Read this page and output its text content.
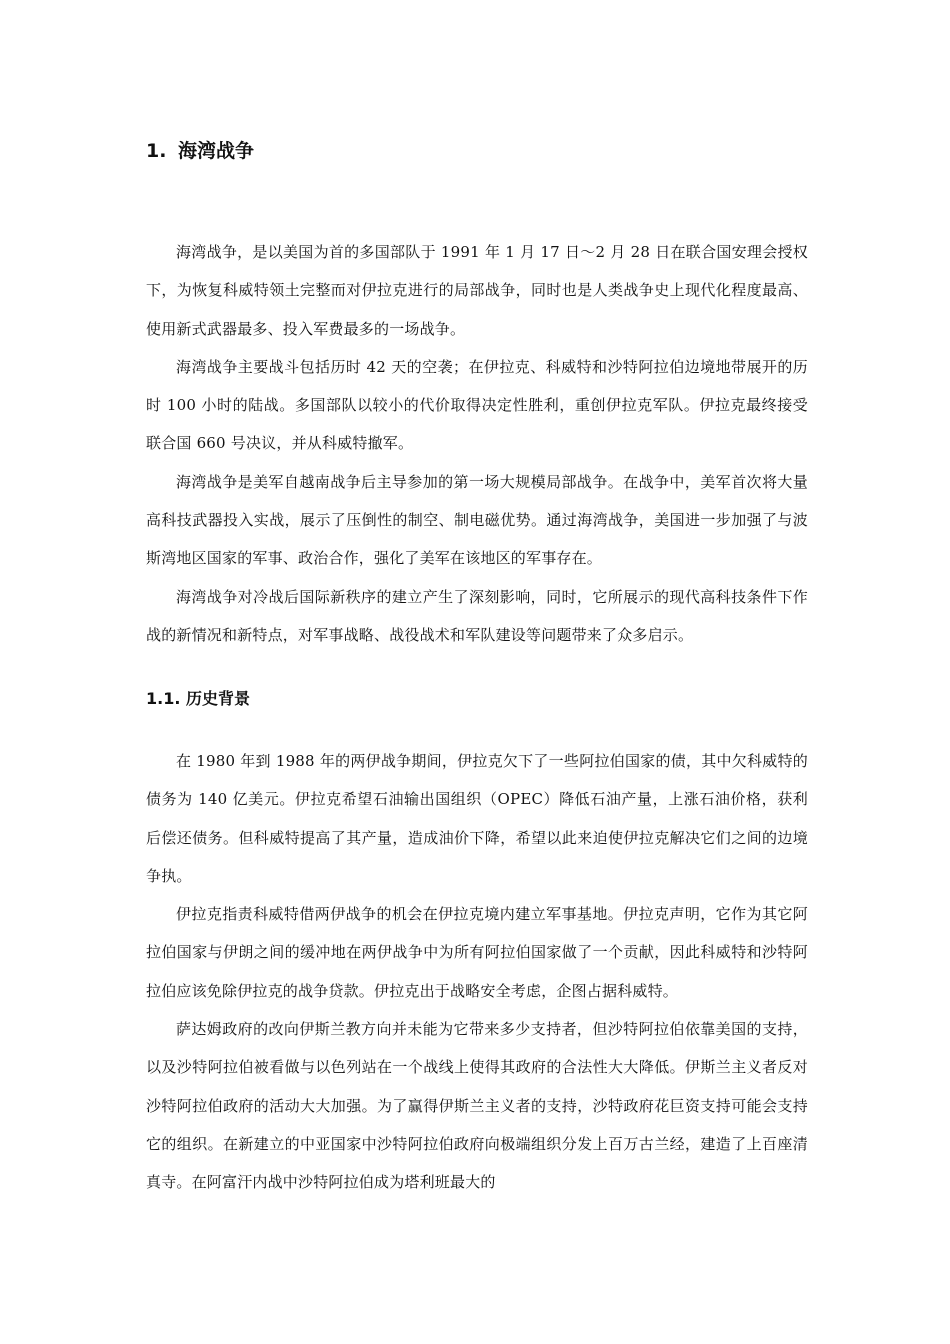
1. 海湾战争

海湾战争，是以美国为首的多国部队于 1991 年 1 月 17 日～2 月 28 日在联合国安理会授权下，为恢复科威特领土完整而对伊拉克进行的局部战争，同时也是人类战争史上现代化程度最高、使用新式武器最多、投入军费最多的一场战争。

海湾战争主要战斗包括历时 42 天的空袭；在伊拉克、科威特和沙特阿拉伯边境地带展开的历时 100 小时的陆战。多国部队以较小的代价取得决定性胜利，重创伊拉克军队。伊拉克最终接受联合国 660 号决议，并从科威特撤军。

海湾战争是美军自越南战争后主导参加的第一场大规模局部战争。在战争中，美军首次将大量高科技武器投入实战，展示了压倒性的制空、制电磁优势。通过海湾战争，美国进一步加强了与波斯湾地区国家的军事、政治合作，强化了美军在该地区的军事存在。

海湾战争对冷战后国际新秩序的建立产生了深刻影响，同时，它所展示的现代高科技条件下作战的新情况和新特点，对军事战略、战役战术和军队建设等问题带来了众多启示。

1.1. 历史背景

在 1980 年到 1988 年的两伊战争期间，伊拉克欠下了一些阿拉伯国家的债，其中欠科威特的债务为 140 亿美元。伊拉克希望石油输出国组织（OPEC）降低石油产量，上涨石油价格，获利后偿还债务。但科威特提高了其产量，造成油价下降，希望以此来迫使伊拉克解决它们之间的边境争执。

伊拉克指责科威特借两伊战争的机会在伊拉克境内建立军事基地。伊拉克声明，它作为其它阿拉伯国家与伊朗之间的缓冲地在两伊战争中为所有阿拉伯国家做了一个贡献，因此科威特和沙特阿拉伯应该免除伊拉克的战争贷款。伊拉克出于战略安全考虑，企图占据科威特。

萨达姆政府的改向伊斯兰教方向并未能为它带来多少支持者，但沙特阿拉伯依靠美国的支持，以及沙特阿拉伯被看做与以色列站在一个战线上使得其政府的合法性大大降低。伊斯兰主义者反对沙特阿拉伯政府的活动大大加强。为了赢得伊斯兰主义者的支持，沙特政府花巨资支持可能会支持它的组织。在新建立的中亚国家中沙特阿拉伯政府向极端组织分发上百万古兰经，建造了上百座清真寺。在阿富汗内战中沙特阿拉伯成为塔利班最大的
